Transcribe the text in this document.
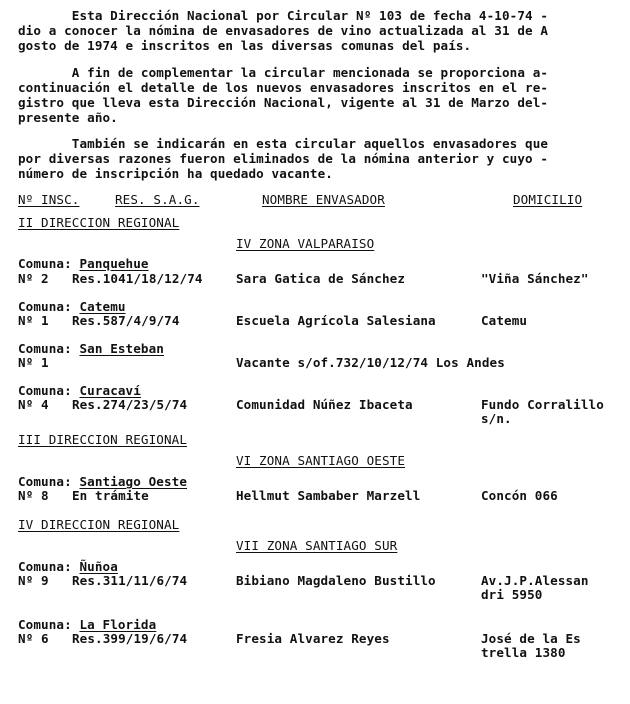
Esta Dirección Nacional por Circular Nº 103 de fecha 4-10-74 -
dio a conocer la nómina de envasadores de vino actualizada al 31 de A
gosto de 1974 e inscritos en las diversas comunas del país.
A fin de complementar la circular mencionada se proporciona a-
continuación el detalle de los nuevos envasadores inscritos en el re-
gistro que lleva esta Dirección Nacional, vigente al 31 de Marzo del-
presente año.
También se indicarán en esta circular aquellos envasadores que
por diversas razones fueron eliminados de la nómina anterior y cuyo -
número de inscripción ha quedado vacante.
Nº INSC.	RES. S.A.G.	NOMBRE ENVASADOR	DOMICILIO
II DIRECCION REGIONAL
IV ZONA VALPARAISO
Comuna: Panquehue
Nº 2 Res.1041/18/12/74	Sara Gatica de Sánchez	"Viña Sánchez"
Comuna: Catemu
Nº 1 Res.587/4/9/74	Escuela Agrícola Salesiana	Catemu
Comuna: San Esteban
Nº 1	Vacante s/of.732/10/12/74 Los Andes
Comuna: Curacaví
Nº 4 Res.274/23/5/74	Comunidad Núñez Ibaceta	Fundo Corralillo
s/n.
III DIRECCION REGIONAL
VI ZONA SANTIAGO OESTE
Comuna: Santiago Oeste
Nº 8 En trámite	Hellmut Sambaber Marzell	Concón 066
IV DIRECCION REGIONAL
VII ZONA SANTIAGO SUR
Comuna: Ñuñoa
Nº 9 Res.311/11/6/74	Bibiano Magdaleno Bustillo	Av.J.P.Alessan
dri 5950
Comuna: La Florida
Nº 6 Res.399/19/6/74	Fresia Alvarez Reyes	José de la Es
trella 1380
